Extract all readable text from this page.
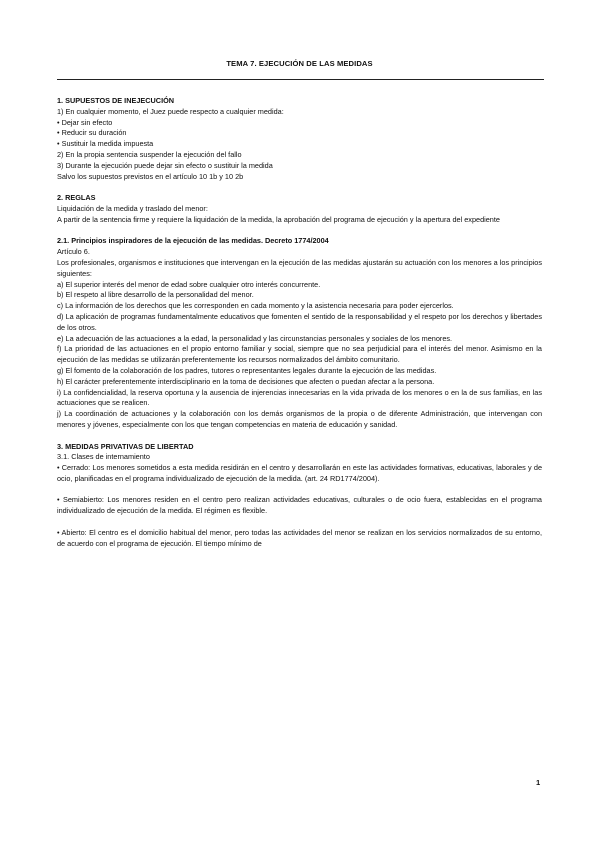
TEMA 7. EJECUCIÓN DE LAS MEDIDAS

1. SUPUESTOS DE INEJECUCIÓN

1) En cualquier momento, el Juez puede respecto a cualquier medida:

• Dejar sin efecto

• Reducir su duración

• Sustituir la medida impuesta

2) En la propia sentencia suspender la ejecución del fallo

3) Durante la ejecución puede dejar sin efecto o sustituir la medida

Salvo los supuestos previstos en el artículo 10 1b y 10 2b

2. REGLAS

Liquidación de la medida y traslado del menor:

A partir de la sentencia firme y requiere la liquidación de la medida, la aprobación del programa de ejecución y la apertura del expediente

2.1. Principios inspiradores de la ejecución de las medidas. Decreto 1774/2004

Artículo 6.

Los profesionales, organismos e instituciones que intervengan en la ejecución de las medidas ajustarán su actuación con los menores a los principios siguientes:

a) El superior interés del menor de edad sobre cualquier otro interés concurrente.

b) El respeto al libre desarrollo de la personalidad del menor.

c) La información de los derechos que les corresponden en cada momento y la asistencia necesaria para poder ejercerlos.

d) La aplicación de programas fundamentalmente educativos que fomenten el sentido de la responsabilidad y el respeto por los derechos y libertades de los otros.

e) La adecuación de las actuaciones a la edad, la personalidad y las circunstancias personales y sociales de los menores.

f) La prioridad de las actuaciones en el propio entorno familiar y social, siempre que no sea perjudicial para el interés del menor. Asimismo en la ejecución de las medidas se utilizarán preferentemente los recursos normalizados del ámbito comunitario.

g) El fomento de la colaboración de los padres, tutores o representantes legales durante la ejecución de las medidas.

h) El carácter preferentemente interdisciplinario en la toma de decisiones que afecten o puedan afectar a la persona.

i) La confidencialidad, la reserva oportuna y la ausencia de injerencias innecesarias en la vida privada de los menores o en la de sus familias, en las actuaciones que se realicen.

j) La coordinación de actuaciones y la colaboración con los demás organismos de la propia o de diferente Administración, que intervengan con menores y jóvenes, especialmente con los que tengan competencias en materia de educación y sanidad.

3. MEDIDAS PRIVATIVAS DE LIBERTAD

3.1. Clases de internamiento

• Cerrado: Los menores sometidos a esta medida residirán en el centro y desarrollarán en este las actividades formativas, educativas, laborales y de ocio, planificadas en el programa individualizado de ejecución de la medida. (art. 24 RD1774/2004).

• Semiabierto: Los menores residen en el centro pero realizan actividades educativas, culturales o de ocio fuera, establecidas en el programa individualizado de ejecución de la medida. El régimen es flexible.

• Abierto: El centro es el domicilio habitual del menor, pero todas las actividades del menor se realizan en los servicios normalizados de su entorno, de acuerdo con el programa de ejecución. El tiempo mínimo de

1
